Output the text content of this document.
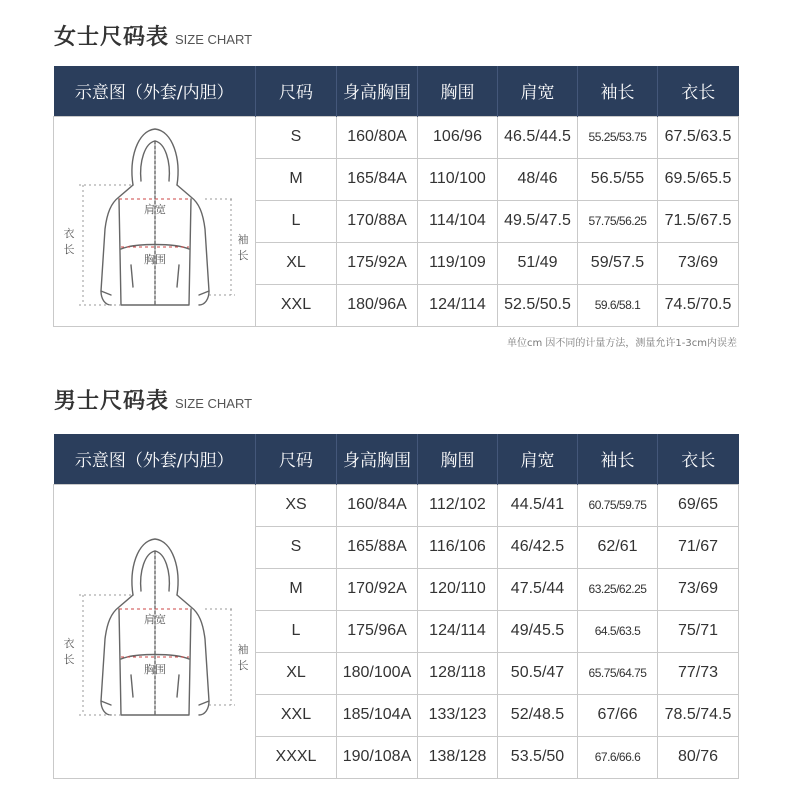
女士尺码表 SIZE CHART
示意图（外套/内胆）	尺码	身高胸围	胸围	肩宽	袖长	衣长

肩宽
胸围
衣长
袖长	S	160/80A	106/96	46.5/44.5	55.25/53.75	67.5/63.5
	M	165/84A	110/100	48/46	56.5/55	69.5/65.5
	L	170/88A	114/104	49.5/47.5	57.75/56.25	71.5/67.5
	XL	175/92A	119/109	51/49	59/57.5	73/69
	XXL	180/96A	124/114	52.5/50.5	59.6/58.1	74.5/70.5
单位cm 因不同的计量方法，测量允许1-3cm内误差
男士尺码表 SIZE CHART
示意图（外套/内胆）	尺码	身高胸围	胸围	肩宽	袖长	衣长

肩宽
胸围
衣长
袖长	XS	160/84A	112/102	44.5/41	60.75/59.75	69/65
	S	165/88A	116/106	46/42.5	62/61	71/67
	M	170/92A	120/110	47.5/44	63.25/62.25	73/69
	L	175/96A	124/114	49/45.5	64.5/63.5	75/71
	XL	180/100A	128/118	50.5/47	65.75/64.75	77/73
	XXL	185/104A	133/123	52/48.5	67/66	78.5/74.5
	XXXL	190/108A	138/128	53.5/50	67.6/66.6	80/76
